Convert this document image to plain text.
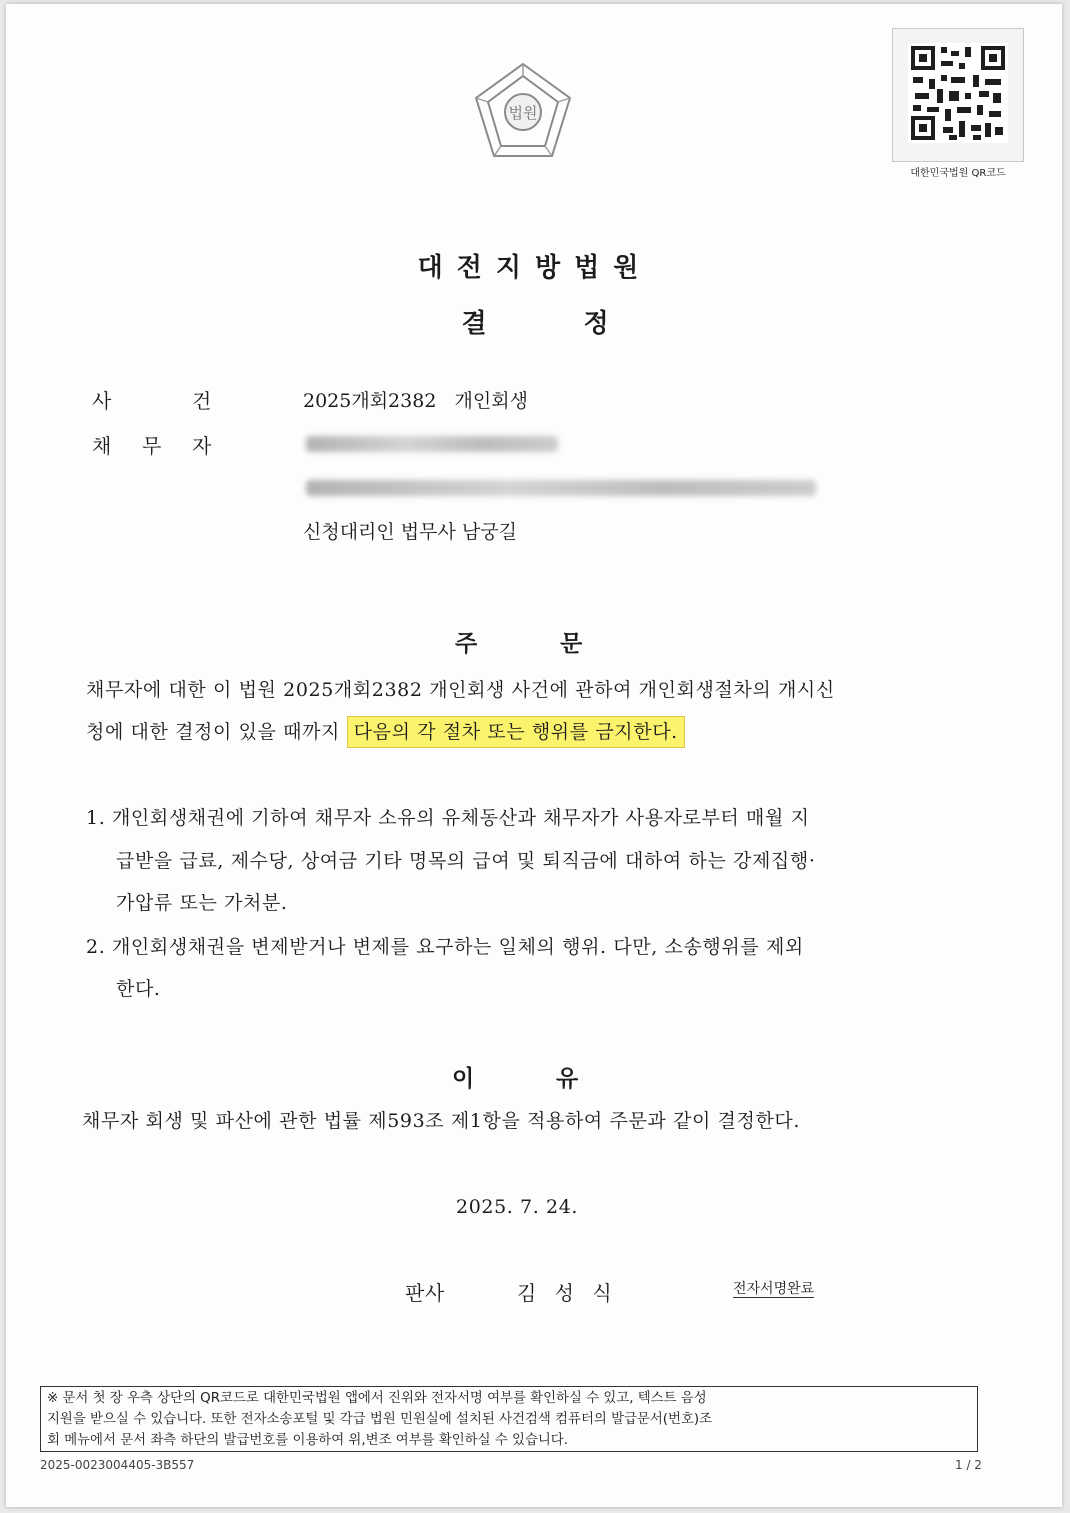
법원
대한민국법원 QR코드
대전지방법원
결	정
사	건	2025개회2382 개인회생
채 무 자
신청대리인 법무사 남궁길
주	문
채무자에 대한 이 법원 2025개회2382 개인회생 사건에 관하여 개인회생절차의 개시신
청에 대한 결정이 있을 때까지 다음의 각 절차 또는 행위를 금지한다.
1. 개인회생채권에 기하여 채무자 소유의 유체동산과 채무자가 사용자로부터 매월 지
급받을 급료, 제수당, 상여금 기타 명목의 급여 및 퇴직금에 대하여 하는 강제집행·
가압류 또는 가처분.
2. 개인회생채권을 변제받거나 변제를 요구하는 일체의 행위. 다만, 소송행위를 제외
한다.
이	유
채무자 회생 및 파산에 관한 법률 제593조 제1항을 적용하여 주문과 같이 결정한다.
2025. 7. 24.
판사	김 성 식	전자서명완료
※ 문서 첫 장 우측 상단의 QR코드로 대한민국법원 앱에서 진위와 전자서명 여부를 확인하실 수 있고, 텍스트 음성
지원을 받으실 수 있습니다. 또한 전자소송포털 및 각급 법원 민원실에 설치된 사건검색 컴퓨터의 발급문서(번호)조
회 메뉴에서 문서 좌측 하단의 발급번호를 이용하여 위,변조 여부를 확인하실 수 있습니다.
2025-0023004405-3B557	1 / 2
